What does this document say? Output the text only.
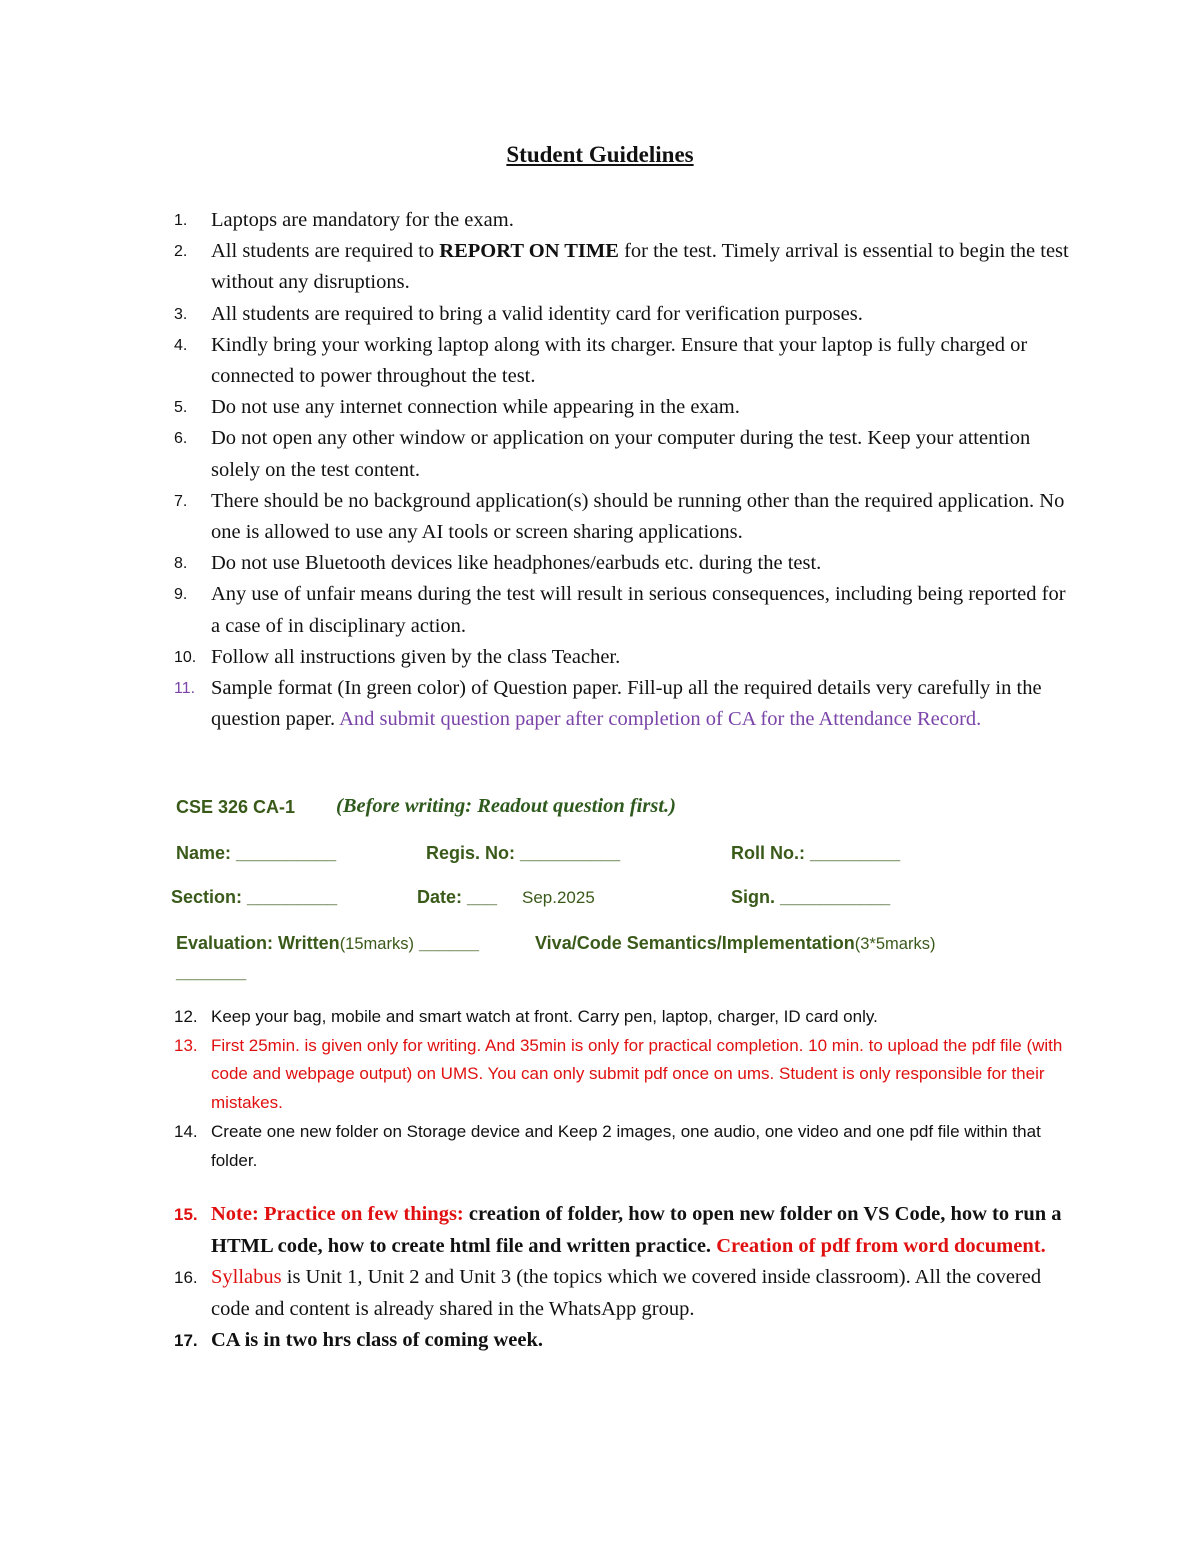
Student Guidelines
1. Laptops are mandatory for the exam.
2. All students are required to REPORT ON TIME for the test. Timely arrival is essential to begin the test without any disruptions.
3. All students are required to bring a valid identity card for verification purposes.
4. Kindly bring your working laptop along with its charger. Ensure that your laptop is fully charged or connected to power throughout the test.
5. Do not use any internet connection while appearing in the exam.
6. Do not open any other window or application on your computer during the test. Keep your attention solely on the test content.
7. There should be no background application(s) should be running other than the required application. No one is allowed to use any AI tools or screen sharing applications.
8. Do not use Bluetooth devices like headphones/earbuds etc. during the test.
9. Any use of unfair means during the test will result in serious consequences, including being reported for a case of in disciplinary action.
10. Follow all instructions given by the class Teacher.
11. Sample format (In green color) of Question paper. Fill-up all the required details very carefully in the question paper. And submit question paper after completion of CA for the Attendance Record.
CSE 326 CA-1 (Before writing: Readout question first.)
Name: __________	Regis. No: __________	Roll No.: _________
Section: _________	Date: ___ Sep.2025	Sign. ___________
Evaluation: Written(15marks) ______	Viva/Code Semantics/Implementation(3*5marks)
_______
12. Keep your bag, mobile and smart watch at front. Carry pen, laptop, charger, ID card only.
13. First 25min. is given only for writing. And 35min is only for practical completion. 10 min. to upload the pdf file (with code and webpage output) on UMS. You can only submit pdf once on ums. Student is only responsible for their mistakes.
14. Create one new folder on Storage device and Keep 2 images, one audio, one video and one pdf file within that folder.
15. Note: Practice on few things: creation of folder, how to open new folder on VS Code, how to run a HTML code, how to create html file and written practice. Creation of pdf from word document.
16. Syllabus is Unit 1, Unit 2 and Unit 3 (the topics which we covered inside classroom). All the covered code and content is already shared in the WhatsApp group.
17. CA is in two hrs class of coming week.
